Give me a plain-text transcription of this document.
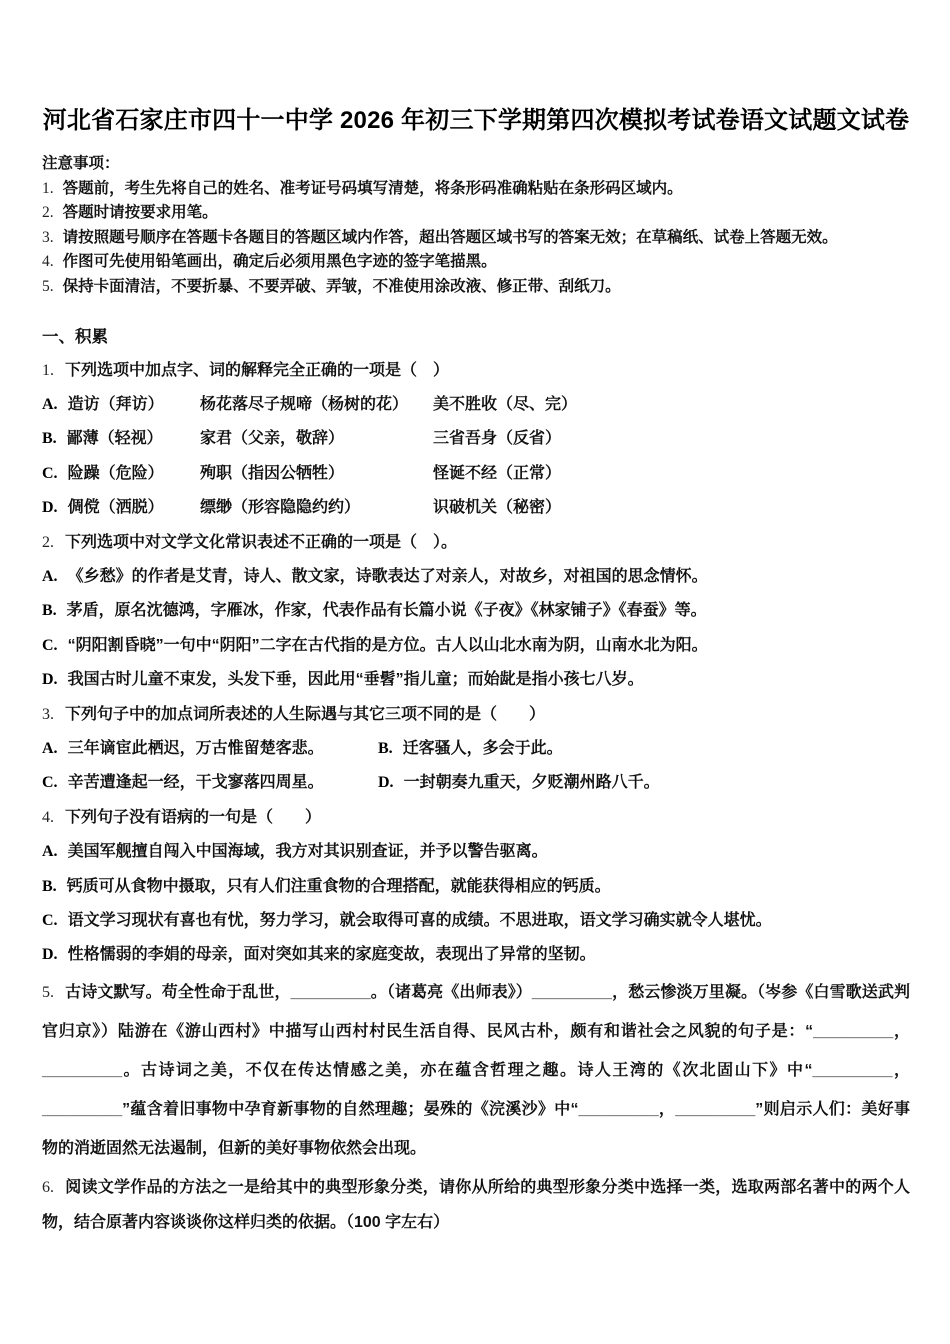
河北省石家庄市四十一中学 2026 年初三下学期第四次模拟考试卷语文试题文试卷
注意事项：
1. 答题前，考生先将自己的姓名、准考证号码填写清楚，将条形码准确粘贴在条形码区域内。
2. 答题时请按要求用笔。
3. 请按照题号顺序在答题卡各题目的答题区域内作答，超出答题区域书写的答案无效；在草稿纸、试卷上答题无效。
4. 作图可先使用铅笔画出，确定后必须用黑色字迹的签字笔描黑。
5. 保持卡面清洁，不要折暴、不要弄破、弄皱，不准使用涂改液、修正带、刮纸刀。
一、积累
1. 下列选项中加点字、词的解释完全正确的一项是（　）
A. 造访（拜访）	杨花落尽子规啼（杨树的花）	美不胜收（尽、完）
B. 鄙薄（轻视）	家君（父亲，敬辞）	三省吾身（反省）
C. 险躁（危险）	殉职（指因公牺牲）	怪诞不经（正常）
D. 倜傥（洒脱）	缥缈（形容隐隐约约）	识破机关（秘密）
2. 下列选项中对文学文化常识表述不正确的一项是（　）。
A. 《乡愁》的作者是艾青，诗人、散文家，诗歌表达了对亲人，对故乡，对祖国的思念情怀。
B. 茅盾，原名沈德鸿，字雁冰，作家，代表作品有长篇小说《子夜》《林家铺子》《春蚕》等。
C. “阴阳割昏晓”一句中“阴阳”二字在古代指的是方位。古人以山北水南为阴，山南水北为阳。
D. 我国古时儿童不束发，头发下垂，因此用“垂髫”指儿童；而始龀是指小孩七八岁。
3. 下列句子中的加点词所表述的人生际遇与其它三项不同的是（　　）
A. 三年谪宦此栖迟，万古惟留楚客悲。	B. 迁客骚人，多会于此。
C. 辛苦遭逢起一经，干戈寥落四周星。	D. 一封朝奏九重天，夕贬潮州路八千。
4. 下列句子没有语病的一句是（　　）
A. 美国军舰擅自闯入中国海域，我方对其识别查证，并予以警告驱离。
B. 钙质可从食物中摄取，只有人们注重食物的合理搭配，就能获得相应的钙质。
C. 语文学习现状有喜也有忧，努力学习，就会取得可喜的成绩。不思进取，语文学习确实就令人堪忧。
D. 性格懦弱的李娟的母亲，面对突如其来的家庭变故，表现出了异常的坚韧。
5. 古诗文默写。苟全性命于乱世，_________。（诸葛亮《出师表》）_________，愁云惨淡万里凝。（岑参《白雪歌送武判官归京》）陆游在《游山西村》中描写山西村村民生活自得、民风古朴，颇有和谐社会之风貌的句子是：“_________，_________。古诗词之美，不仅在传达情感之美，亦在蕴含哲理之趣。诗人王湾的《次北固山下》中“_________，_________”蕴含着旧事物中孕育新事物的自然理趣；晏殊的《浣溪沙》中“_________，_________”则启示人们：美好事物的消逝固然无法遏制，但新的美好事物依然会出现。
6. 阅读文学作品的方法之一是给其中的典型形象分类，请你从所给的典型形象分类中选择一类，选取两部名著中的两个人物，结合原著内容谈谈你这样归类的依据。（100 字左右）
